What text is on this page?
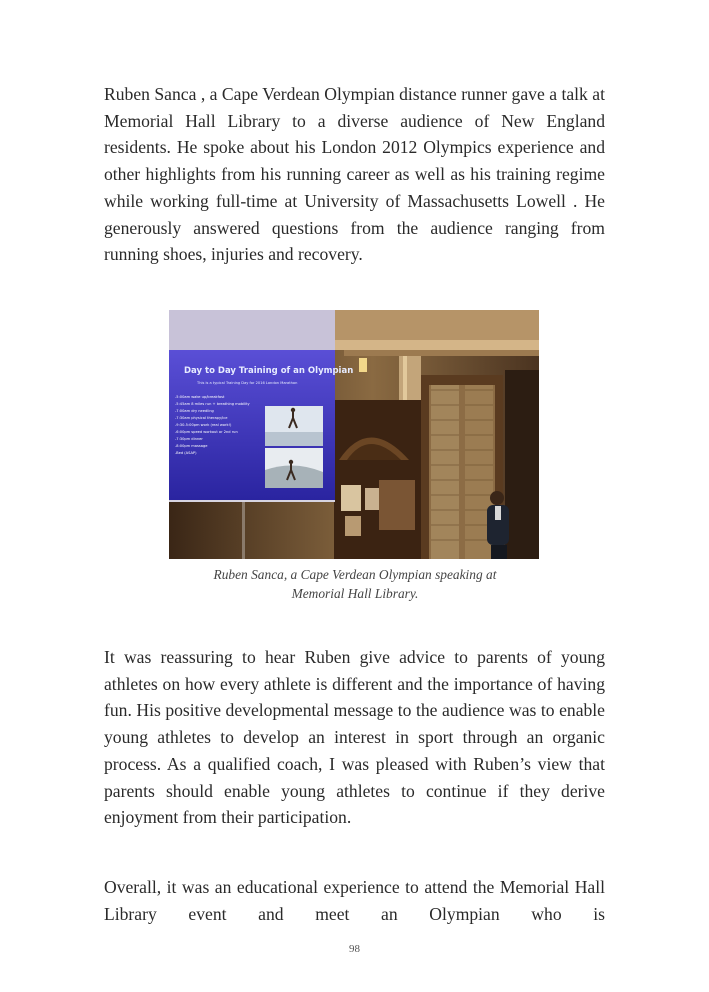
Ruben Sanca , a Cape Verdean Olympian distance runner gave a talk at Memorial Hall Library to a diverse audience of New England residents. He spoke about his London 2012 Olympics experience and other highlights from his running career as well as his training regime while working full-time at University of Massachusetts Lowell . He generously answered questions from the audience ranging from running shoes, injuries and recovery.

Day to Day Training of an Olympian
This is a typical Training Day for 2016 London Marathon
-5:00am wake up/breakfast
-5:45am 8 miles run + breathing mobility
-7:00am dry needling
-7:30am physical therapy/ice
-9:30-5:00pm work (real work!)
-6:00pm speed workout or 2nd run
-7:30pm dinner
-8:00pm massage
-Bed (ASAP)
Ruben Sanca, a Cape Verdean Olympian speaking at
Memorial Hall Library.

It was reassuring to hear Ruben give advice to parents of young athletes on how every athlete is different and the importance of having fun. His positive developmental message to the audience was to enable young athletes to develop an interest in sport through an organic process. As a qualified coach, I was pleased with Ruben’s view that parents should enable young athletes to continue if they derive enjoyment from their participation.

Overall, it was an educational experience to attend the Memorial Hall Library event and meet an Olympian who is

98
